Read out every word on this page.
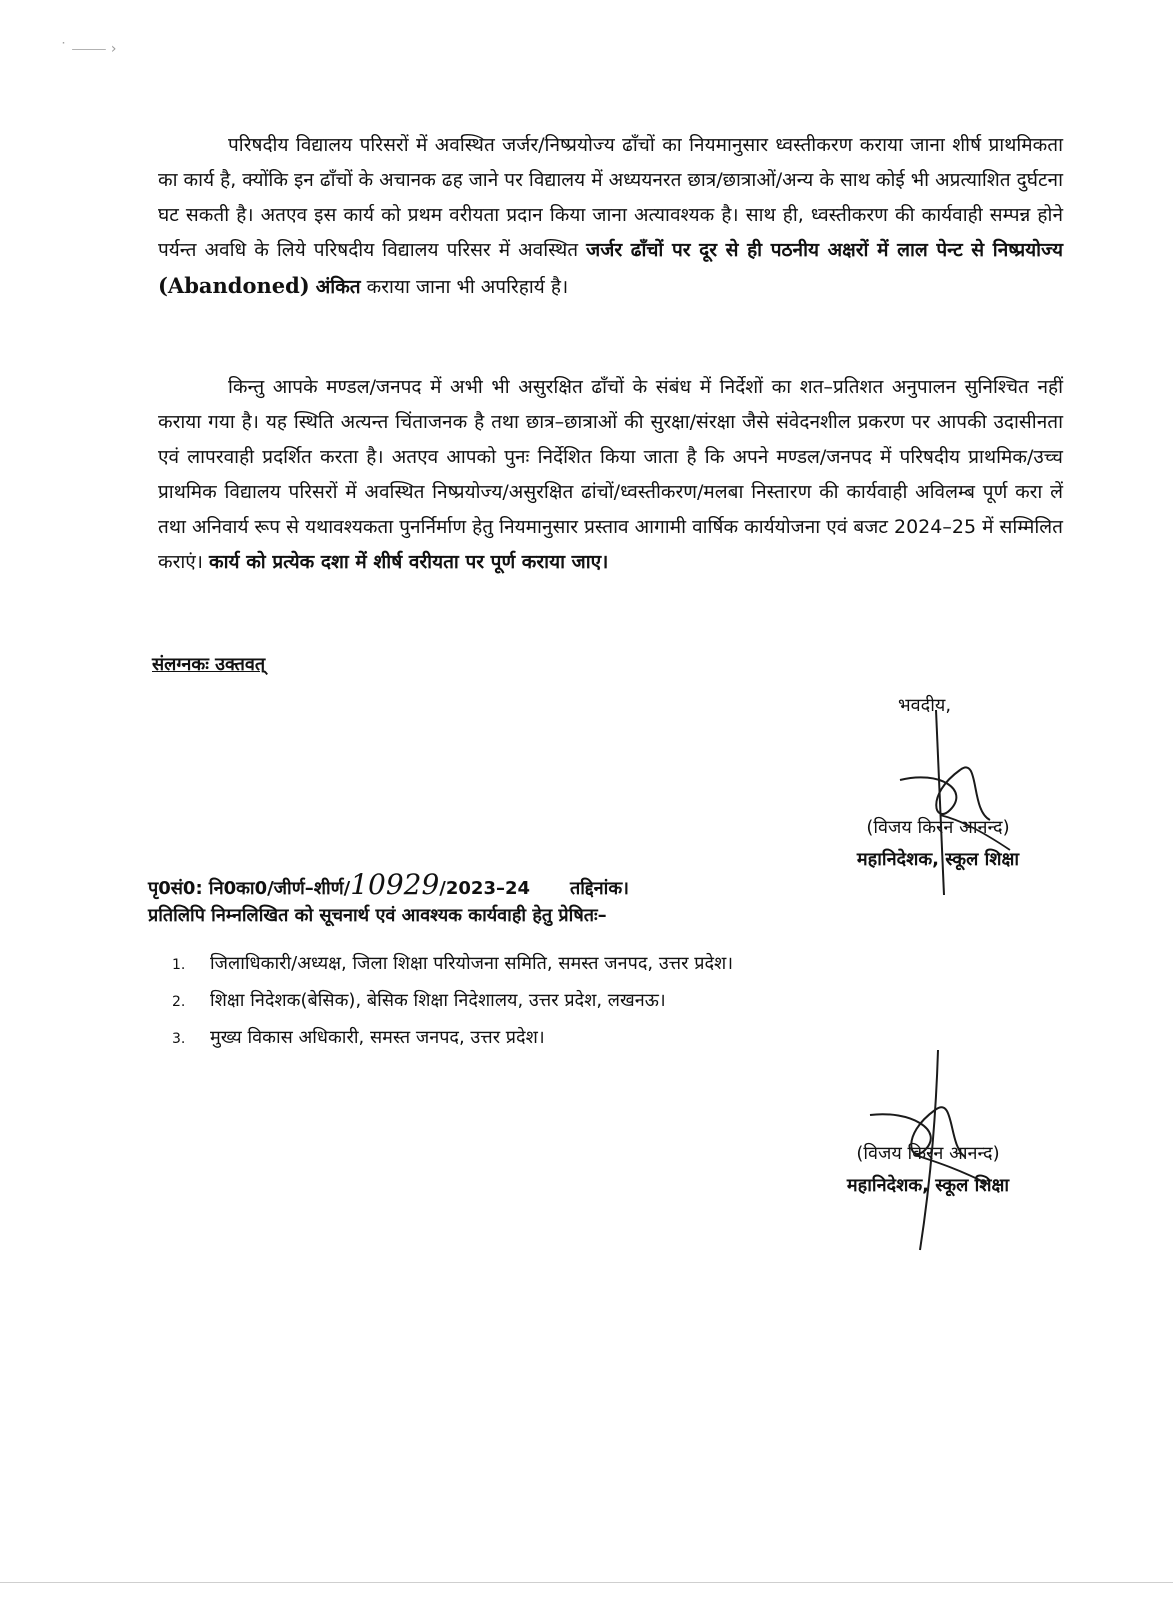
˙ ⸻ ›
परिषदीय विद्यालय परिसरों में अवस्थित जर्जर/निष्प्रयोज्य ढाँचों का नियमानुसार ध्वस्तीकरण कराया जाना शीर्ष प्राथमिकता का कार्य है, क्योंकि इन ढाँचों के अचानक ढह जाने पर विद्यालय में अध्ययनरत छात्र/छात्राओं/अन्य के साथ कोई भी अप्रत्याशित दुर्घटना घट सकती है। अतएव इस कार्य को प्रथम वरीयता प्रदान किया जाना अत्यावश्यक है। साथ ही, ध्वस्तीकरण की कार्यवाही सम्पन्न होने पर्यन्त अवधि के लिये परिषदीय विद्यालय परिसर में अवस्थित जर्जर ढाँचों पर दूर से ही पठनीय अक्षरों में लाल पेन्ट से निष्प्रयोज्य (Abandoned) अंकित कराया जाना भी अपरिहार्य है।
किन्तु आपके मण्डल/जनपद में अभी भी असुरक्षित ढाँचों के संबंध में निर्देशों का शत–प्रतिशत अनुपालन सुनिश्चित नहीं कराया गया है। यह स्थिति अत्यन्त चिंताजनक है तथा छात्र–छात्राओं की सुरक्षा/संरक्षा जैसे संवेदनशील प्रकरण पर आपकी उदासीनता एवं लापरवाही प्रदर्शित करता है। अतएव आपको पुनः निर्देशित किया जाता है कि अपने मण्डल/जनपद में परिषदीय प्राथमिक/उच्च प्राथमिक विद्यालय परिसरों में अवस्थित निष्प्रयोज्य/असुरक्षित ढांचों/ध्वस्तीकरण/मलबा निस्तारण की कार्यवाही अविलम्ब पूर्ण करा लें तथा अनिवार्य रूप से यथावश्यकता पुनर्निर्माण हेतु नियमानुसार प्रस्ताव आगामी वार्षिक कार्ययोजना एवं बजट 2024–25 में सम्मिलित कराएं। कार्य को प्रत्येक दशा में शीर्ष वरीयता पर पूर्ण कराया जाए।
संलग्नकः उक्तवत्
भवदीय,
(विजय किरन आनन्द)
महानिदेशक, स्कूल शिक्षा
पृ0सं0: नि0का0/जीर्ण–शीर्ण/10929/2023–24 तद्दिनांक।
प्रतिलिपि निम्नलिखित को सूचनार्थ एवं आवश्यक कार्यवाही हेतु प्रेषितः–
1. जिलाधिकारी/अध्यक्ष, जिला शिक्षा परियोजना समिति, समस्त जनपद, उत्तर प्रदेश।
2. शिक्षा निदेशक(बेसिक), बेसिक शिक्षा निदेशालय, उत्तर प्रदेश, लखनऊ।
3. मुख्य विकास अधिकारी, समस्त जनपद, उत्तर प्रदेश।
(विजय किरन आनन्द)
महानिदेशक, स्कूल शिक्षा
